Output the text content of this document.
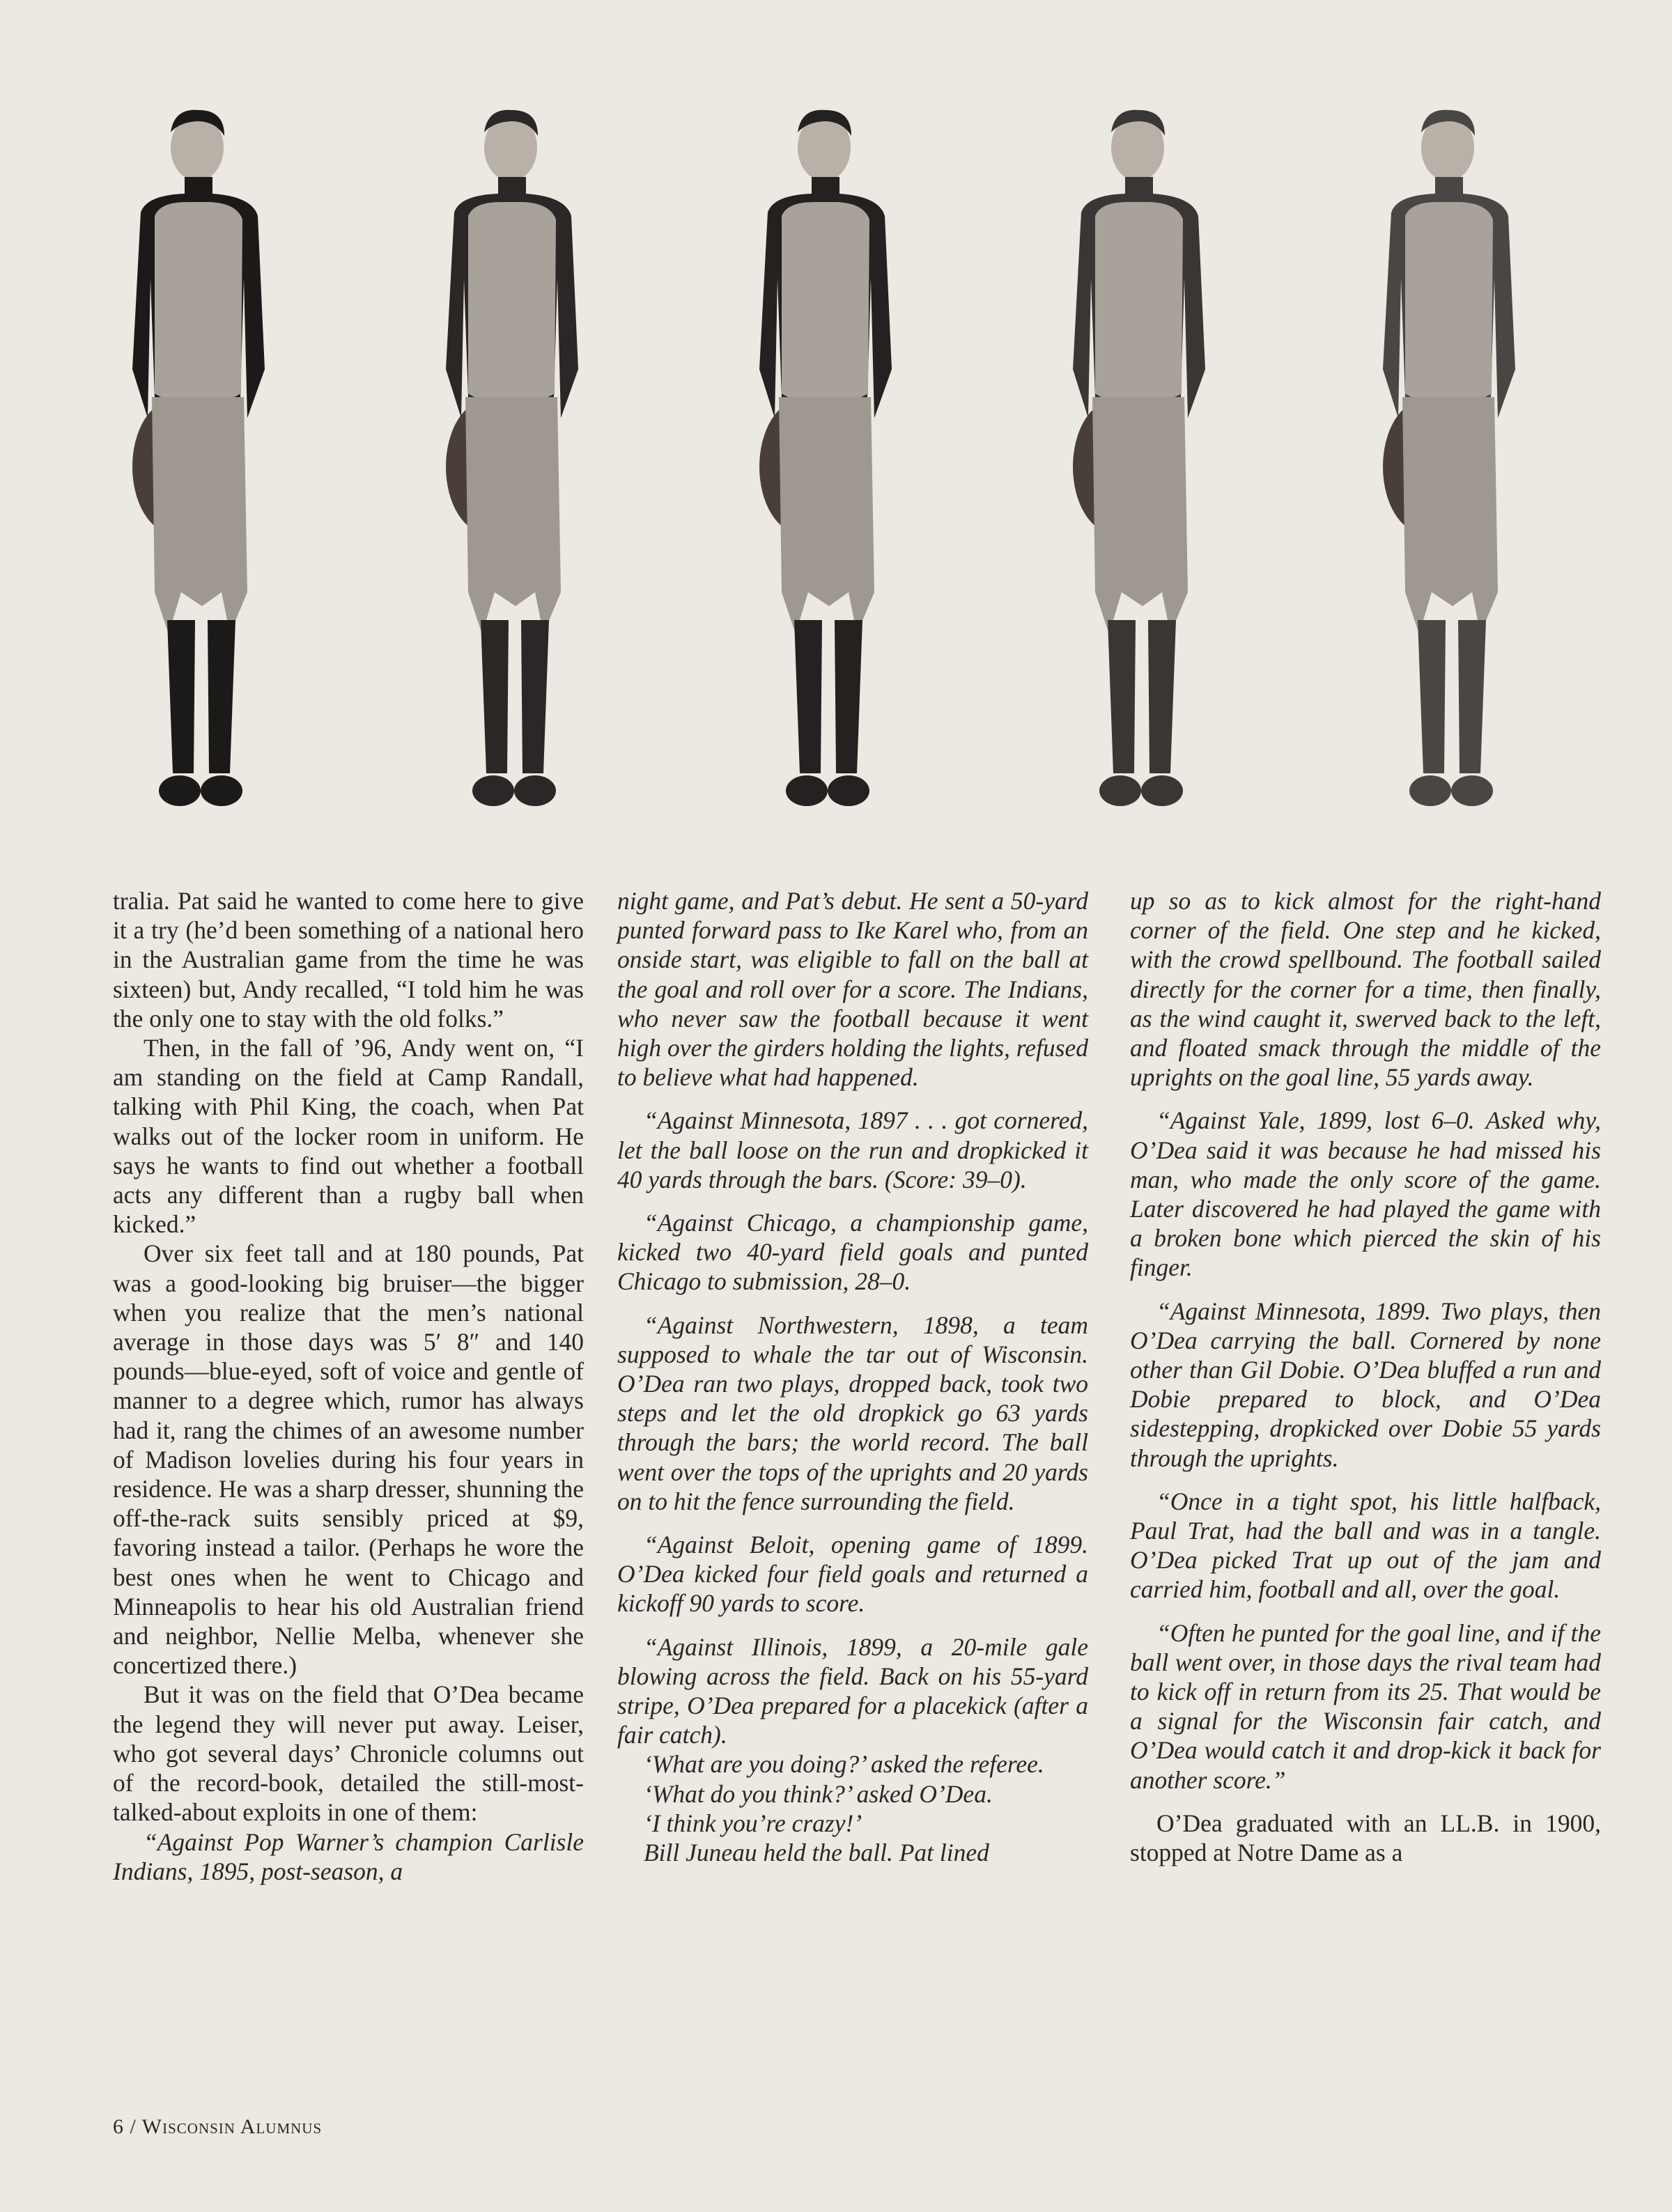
tralia. Pat said he wanted to come here to give it a try (he’d been something of a national hero in the Australian game from the time he was sixteen) but, Andy recalled, “I told him he was the only one to stay with the old folks.”

Then, in the fall of ’96, Andy went on, “I am standing on the field at Camp Randall, talking with Phil King, the coach, when Pat walks out of the locker room in uniform. He says he wants to find out whether a football acts any different than a rugby ball when kicked.”

Over six feet tall and at 180 pounds, Pat was a good-looking big bruiser—the bigger when you realize that the men’s national average in those days was 5′ 8″ and 140 pounds—blue-eyed, soft of voice and gentle of manner to a degree which, rumor has always had it, rang the chimes of an awesome number of Madison lovelies during his four years in residence. He was a sharp dresser, shunning the off-the-rack suits sensibly priced at $9, favoring instead a tailor. (Perhaps he wore the best ones when he went to Chicago and Minneapolis to hear his old Australian friend and neighbor, Nellie Melba, whenever she concertized there.)

But it was on the field that O’Dea became the legend they will never put away. Leiser, who got several days’ Chronicle columns out of the record-book, detailed the still-most-talked-about exploits in one of them:

“Against Pop Warner’s champion Carlisle Indians, 1895, post-season, a

night game, and Pat’s debut. He sent a 50-yard punted forward pass to Ike Karel who, from an onside start, was eligible to fall on the ball at the goal and roll over for a score. The Indians, who never saw the football because it went high over the girders holding the lights, refused to believe what had happened.

“Against Minnesota, 1897 . . . got cornered, let the ball loose on the run and dropkicked it 40 yards through the bars. (Score: 39–0).

“Against Chicago, a championship game, kicked two 40-yard field goals and punted Chicago to submission, 28–0.

“Against Northwestern, 1898, a team supposed to whale the tar out of Wisconsin. O’Dea ran two plays, dropped back, took two steps and let the old dropkick go 63 yards through the bars; the world record. The ball went over the tops of the uprights and 20 yards on to hit the fence surrounding the field.

“Against Beloit, opening game of 1899. O’Dea kicked four field goals and returned a kickoff 90 yards to score.

“Against Illinois, 1899, a 20-mile gale blowing across the field. Back on his 55-yard stripe, O’Dea prepared for a placekick (after a fair catch).

‘What are you doing?’ asked the referee.

‘What do you think?’ asked O’Dea.

‘I think you’re crazy!’

Bill Juneau held the ball. Pat lined

up so as to kick almost for the right-hand corner of the field. One step and he kicked, with the crowd spellbound. The football sailed directly for the corner for a time, then finally, as the wind caught it, swerved back to the left, and floated smack through the middle of the uprights on the goal line, 55 yards away.

“Against Yale, 1899, lost 6–0. Asked why, O’Dea said it was because he had missed his man, who made the only score of the game. Later discovered he had played the game with a broken bone which pierced the skin of his finger.

“Against Minnesota, 1899. Two plays, then O’Dea carrying the ball. Cornered by none other than Gil Dobie. O’Dea bluffed a run and Dobie prepared to block, and O’Dea sidestepping, dropkicked over Dobie 55 yards through the uprights.

“Once in a tight spot, his little halfback, Paul Trat, had the ball and was in a tangle. O’Dea picked Trat up out of the jam and carried him, football and all, over the goal.

“Often he punted for the goal line, and if the ball went over, in those days the rival team had to kick off in return from its 25. That would be a signal for the Wisconsin fair catch, and O’Dea would catch it and drop-kick it back for another score.”

O’Dea graduated with an LL.B. in 1900, stopped at Notre Dame as a

6 / Wisconsin Alumnus
